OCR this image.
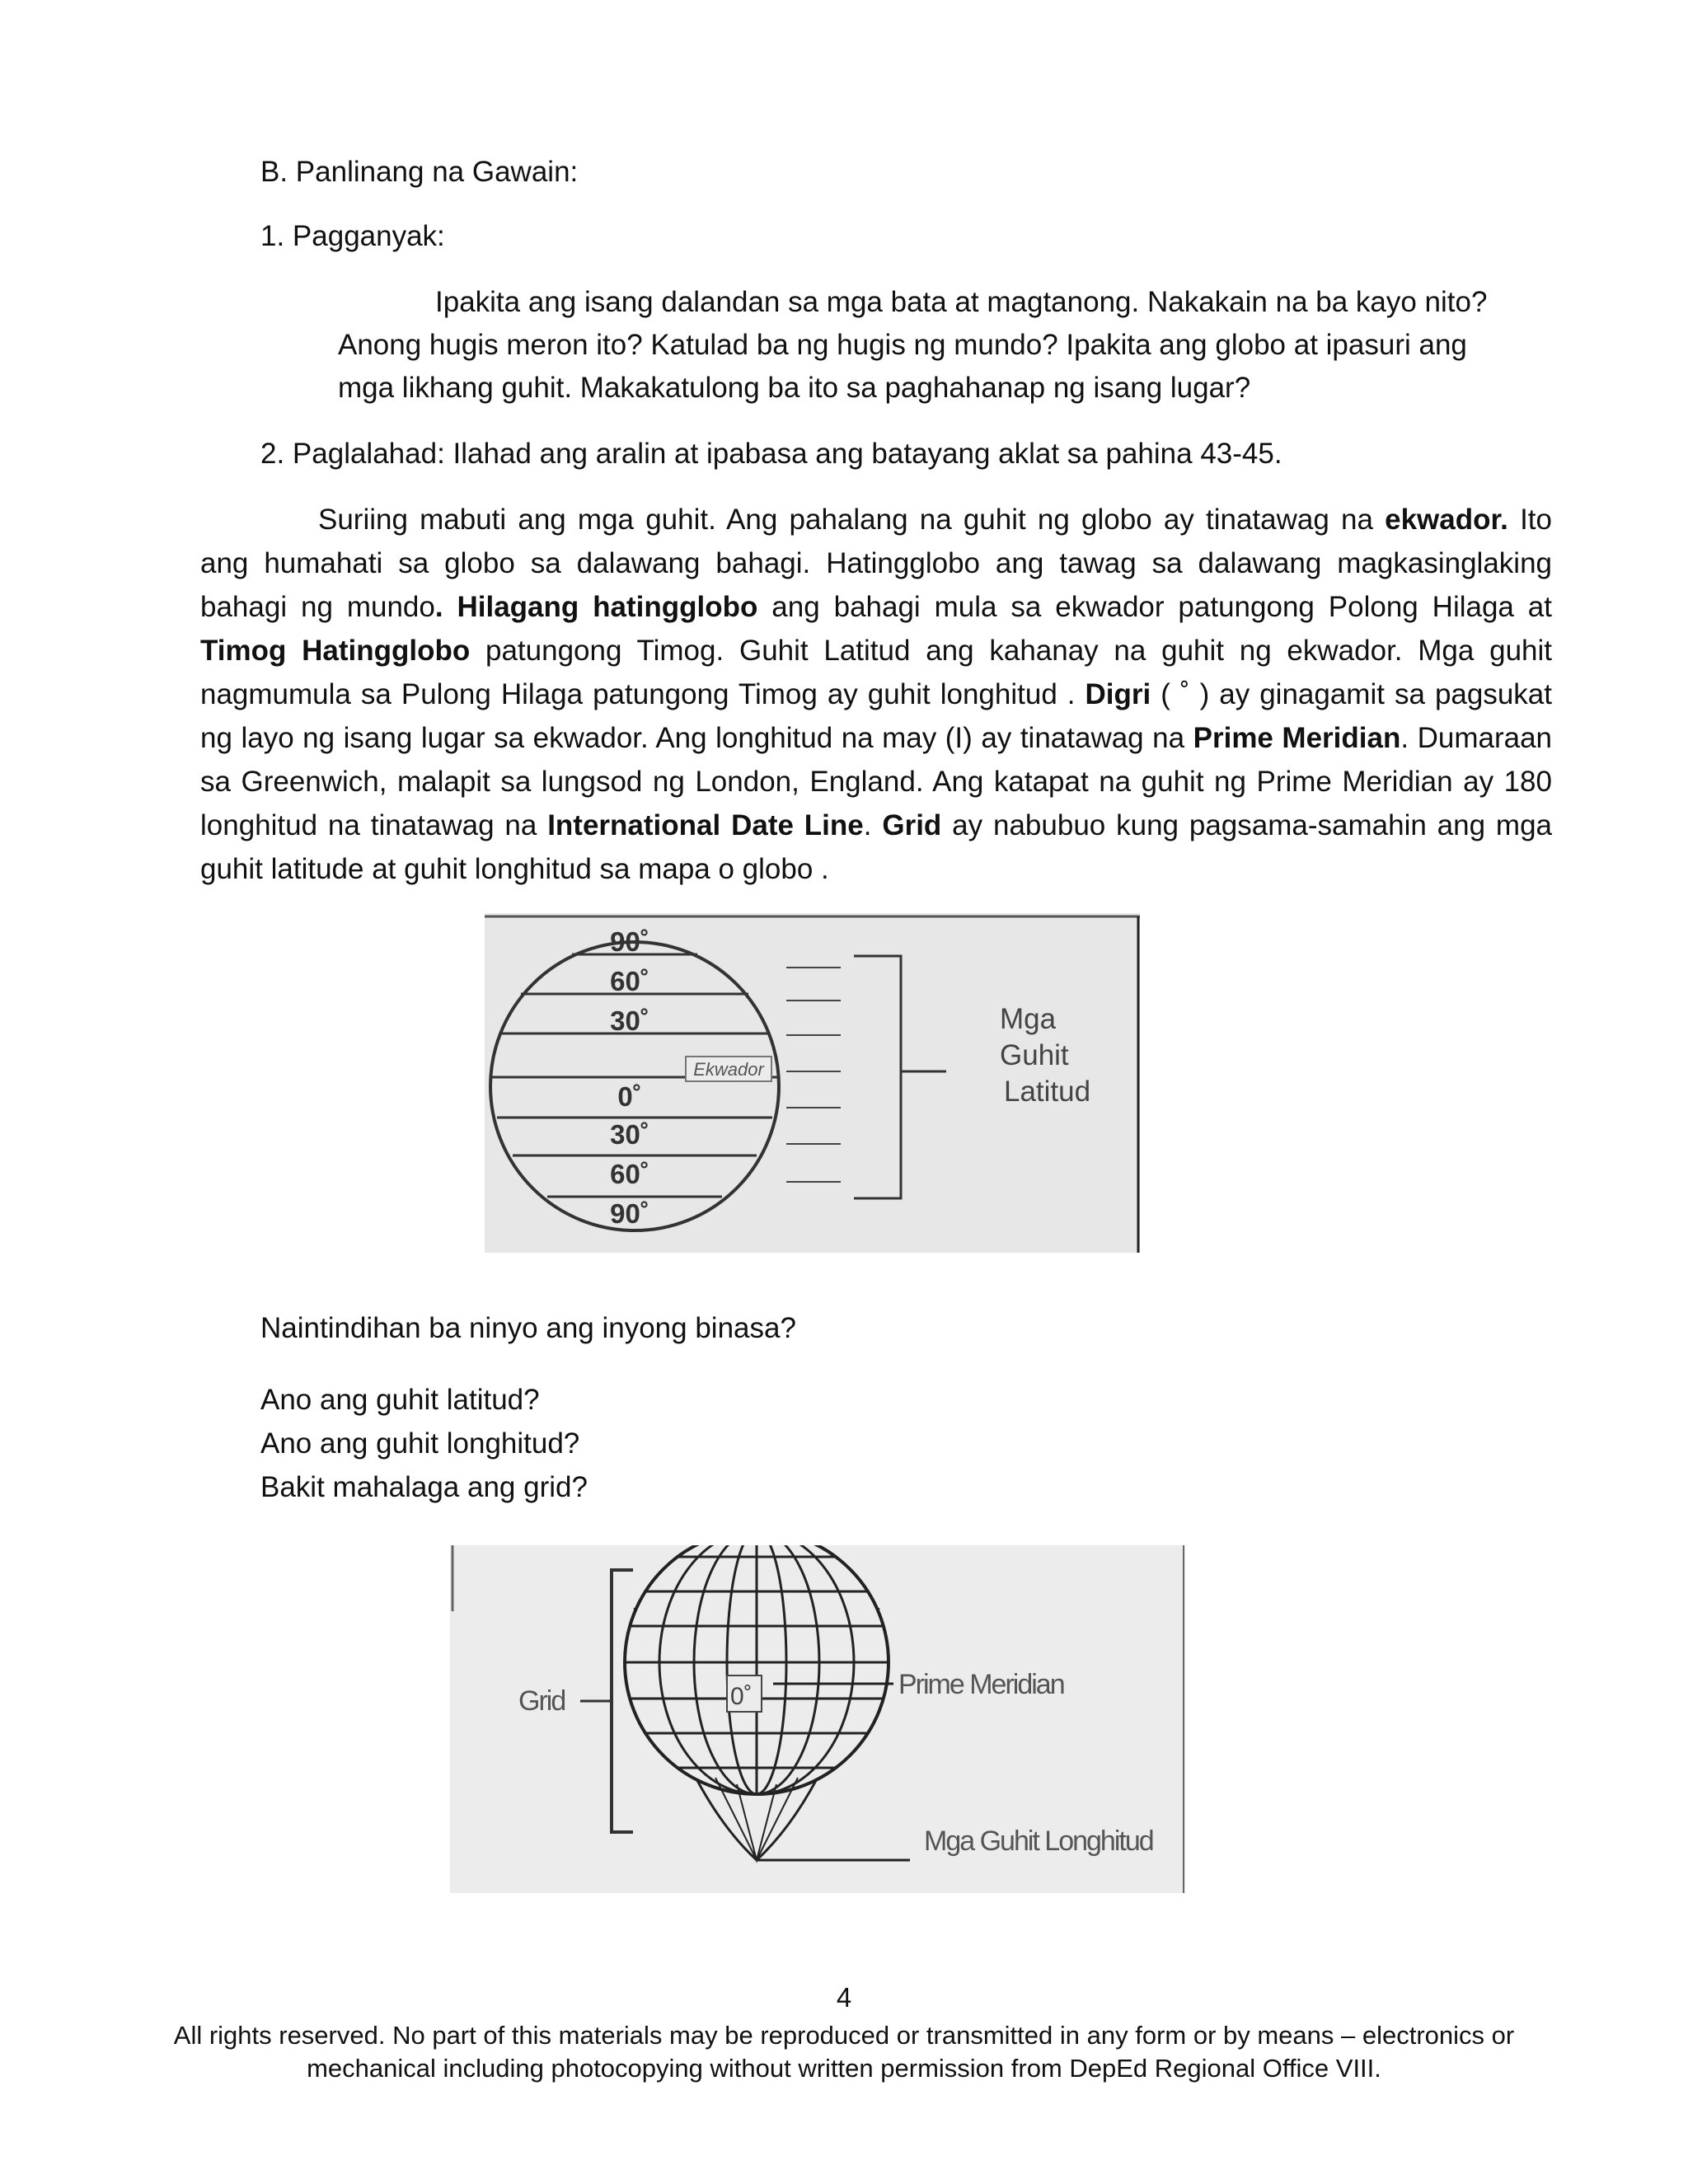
B. Panlinang na Gawain:
1. Pagganyak:
Ipakita ang isang dalandan sa mga bata at magtanong. Nakakain na ba kayo nito?
Anong hugis meron ito? Katulad ba ng hugis ng mundo? Ipakita ang globo at ipasuri ang
mga likhang guhit. Makakatulong ba ito sa paghahanap ng isang lugar?
2. Paglalahad: Ilahad ang aralin at ipabasa ang batayang aklat sa pahina 43-45.

Suriing mabuti ang mga guhit. Ang pahalang na guhit ng globo ay tinatawag na ekwador. Ito ang humahati sa globo sa dalawang bahagi. Hatingglobo ang tawag sa dalawang magkasinglaking bahagi ng mundo. Hilagang hatingglobo ang bahagi mula sa ekwador patungong Polong Hilaga at Timog Hatingglobo patungong Timog. Guhit Latitud ang kahanay na guhit ng ekwador. Mga guhit nagmumula sa Pulong Hilaga patungong Timog ay guhit longhitud . Digri ( ˚ ) ay ginagamit sa pagsukat ng layo ng isang lugar sa ekwador. Ang longhitud na may (I) ay tinatawag na Prime Meridian. Dumaraan sa Greenwich, malapit sa lungsod ng London, England. Ang katapat na guhit ng Prime Meridian ay 180 longhitud na tinatawag na International Date Line. Grid ay nabubuo kung pagsama-samahin ang mga guhit latitude at guhit longhitud sa mapa o globo .

90˚
60˚
30˚
0˚
30˚
60˚
90˚
Ekwador
Mga
Guhit
Latitud
Naintindihan ba ninyo ang inyong binasa?
Ano ang guhit latitud?
Ano ang guhit longhitud?
Bakit mahalaga ang grid?
0˚	Prime Meridian
Mga Guhit Longhitud
Grid
4
All rights reserved. No part of this materials may be reproduced or transmitted in any form or by means – electronics or
mechanical including photocopying without written permission from DepEd Regional Office VIII.
